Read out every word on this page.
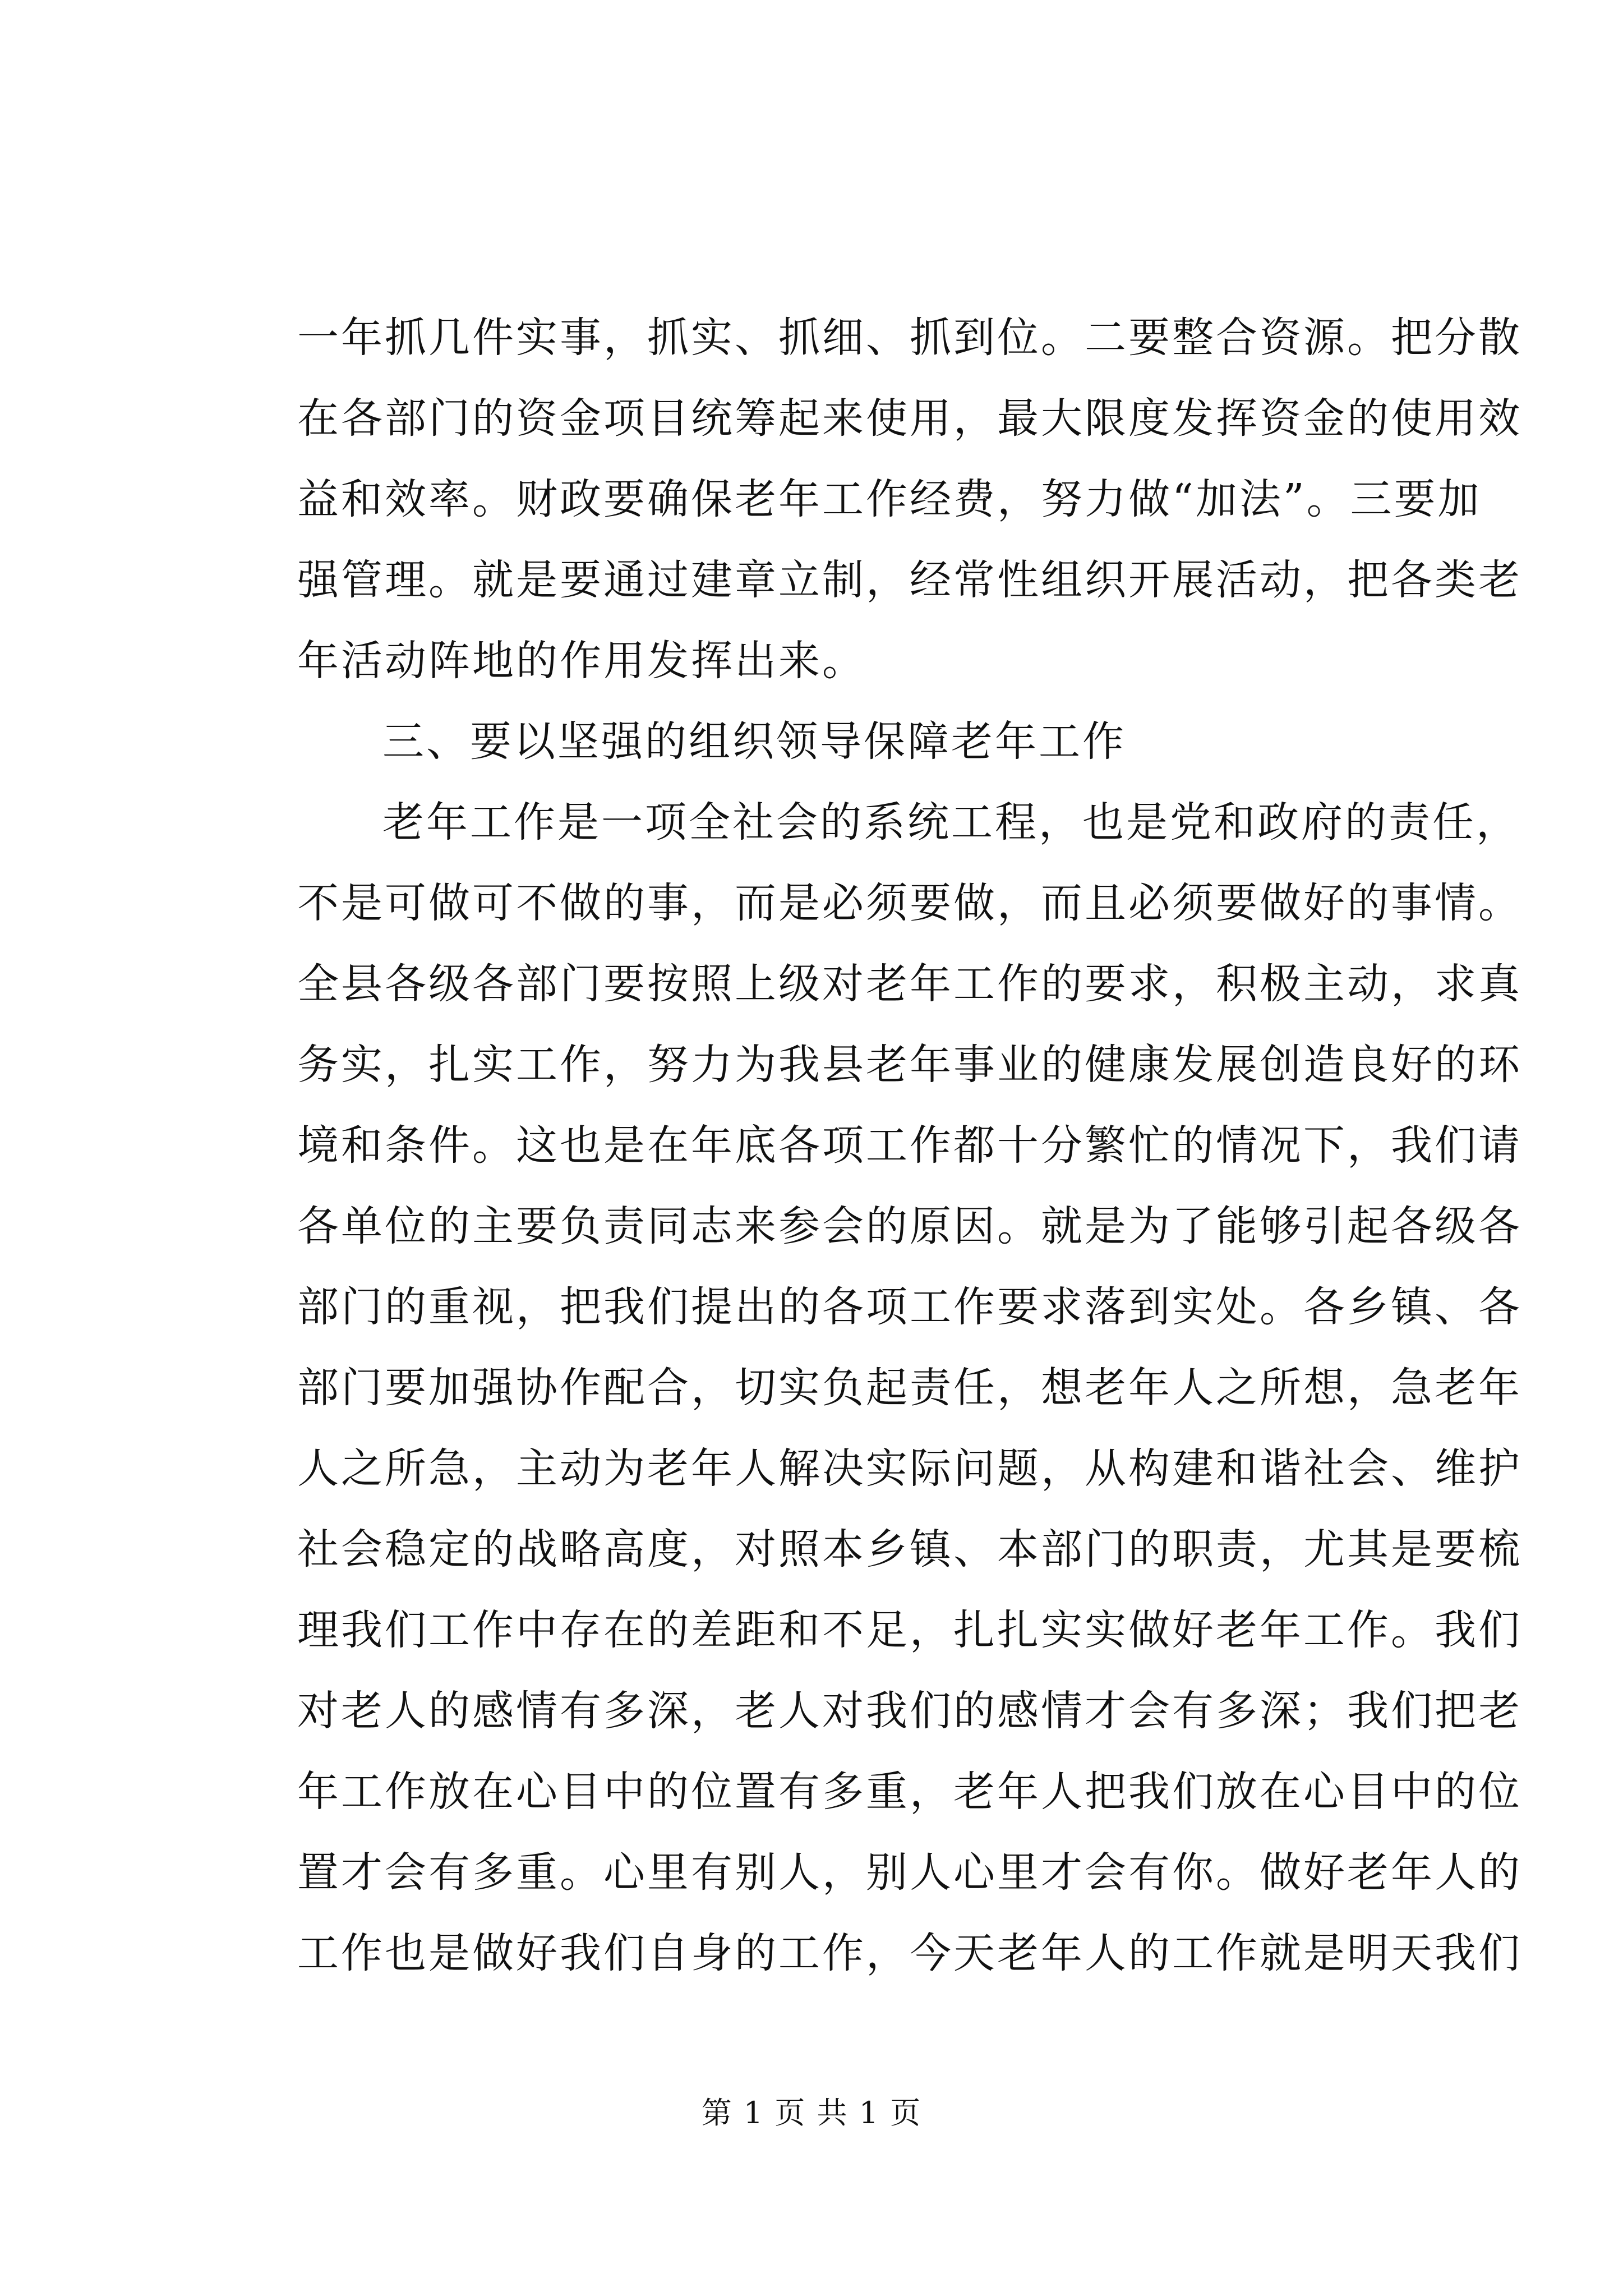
一年抓几件实事，抓实、抓细、抓到位。二要整合资源。把分散
在各部门的资金项目统筹起来使用，最大限度发挥资金的使用效
益和效率。财政要确保老年工作经费，努力做“加法”。三要加
强管理。就是要通过建章立制，经常性组织开展活动，把各类老
年活动阵地的作用发挥出来。
三、要以坚强的组织领导保障老年工作
老年工作是一项全社会的系统工程，也是党和政府的责任，
不是可做可不做的事，而是必须要做，而且必须要做好的事情。
全县各级各部门要按照上级对老年工作的要求，积极主动，求真
务实，扎实工作，努力为我县老年事业的健康发展创造良好的环
境和条件。这也是在年底各项工作都十分繁忙的情况下，我们请
各单位的主要负责同志来参会的原因。就是为了能够引起各级各
部门的重视，把我们提出的各项工作要求落到实处。各乡镇、各
部门要加强协作配合，切实负起责任，想老年人之所想，急老年
人之所急，主动为老年人解决实际问题，从构建和谐社会、维护
社会稳定的战略高度，对照本乡镇、本部门的职责，尤其是要梳
理我们工作中存在的差距和不足，扎扎实实做好老年工作。我们
对老人的感情有多深，老人对我们的感情才会有多深；我们把老
年工作放在心目中的位置有多重，老年人把我们放在心目中的位
置才会有多重。心里有别人，别人心里才会有你。做好老年人的
工作也是做好我们自身的工作，今天老年人的工作就是明天我们
第 1 页 共 1 页
